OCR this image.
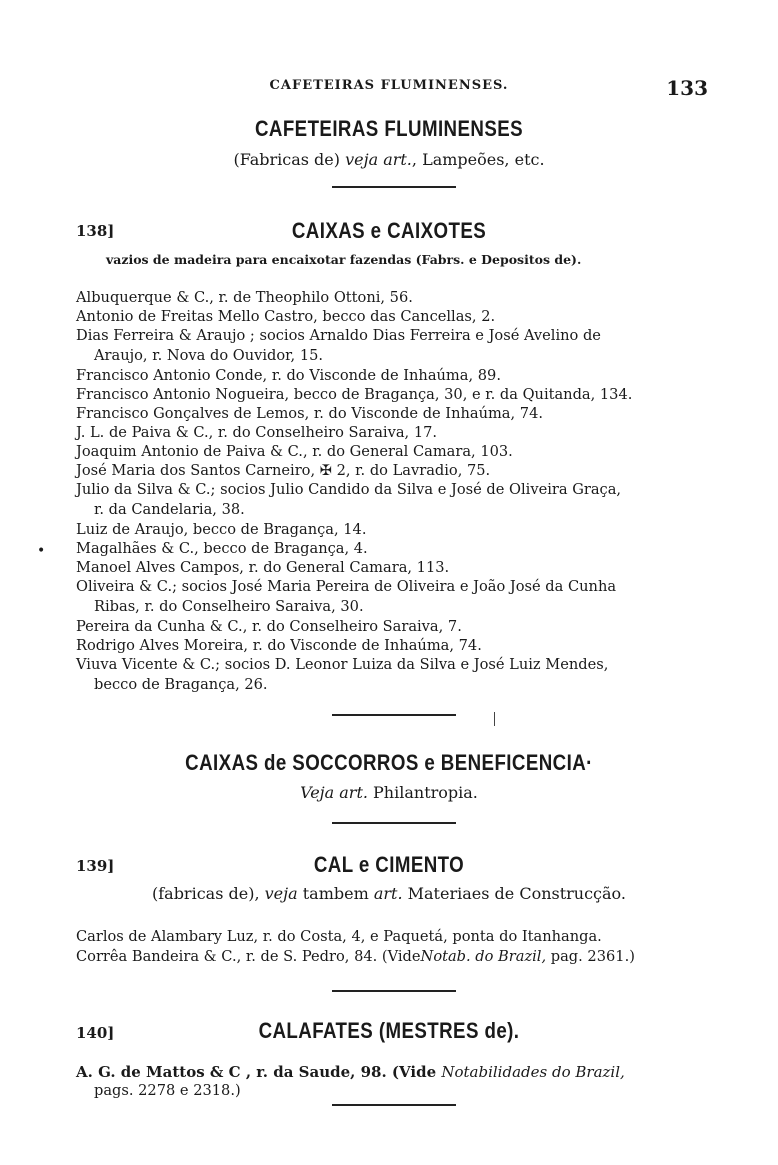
CAFETEIRAS FLUMINENSES.	133
CAFETEIRAS FLUMINENSES
(Fabricas de) veja art., Lampeões, etc.
138]	CAIXAS e CAIXOTES
vazios de madeira para encaixotar fazendas (Fabrs. e Depositos de).
Albuquerque & C., r. de Theophilo Ottoni, 56.
Antonio de Freitas Mello Castro, becco das Cancellas, 2.
Dias Ferreira & Araujo ; socios Arnaldo Dias Ferreira e José Avelino de
Araujo, r. Nova do Ouvidor, 15.
Francisco Antonio Conde, r. do Visconde de Inhaúma, 89.
Francisco Antonio Nogueira, becco de Bragança, 30, e r. da Quitanda, 134.
Francisco Gonçalves de Lemos, r. do Visconde de Inhaúma, 74.
J. L. de Paiva & C., r. do Conselheiro Saraiva, 17.
Joaquim Antonio de Paiva & C., r. do General Camara, 103.
José Maria dos Santos Carneiro, ✠ 2, r. do Lavradio, 75.
Julio da Silva & C.; socios Julio Candido da Silva e José de Oliveira Graça,
r. da Candelaria, 38.
Luiz de Araujo, becco de Bragança, 14.
• Magalhães & C., becco de Bragança, 4.
Manoel Alves Campos, r. do General Camara, 113.
Oliveira & C.; socios José Maria Pereira de Oliveira e João José da Cunha
Ribas, r. do Conselheiro Saraiva, 30.
Pereira da Cunha & C., r. do Conselheiro Saraiva, 7.
Rodrigo Alves Moreira, r. do Visconde de Inhaúma, 74.
Viuva Vicente & C.; socios D. Leonor Luiza da Silva e José Luiz Mendes,
becco de Bragança, 26.
CAIXAS de SOCCORROS e BENEFICENCIA·
Veja art. Philantropia.
139]	CAL e CIMENTO
(fabricas de), veja tambem art. Materiaes de Construcção.
Carlos de Alambary Luz, r. do Costa, 4, e Paquetá, ponta do Itanhanga.
Corrêa Bandeira & C., r. de S. Pedro, 84. (VideNotab. do Brazil, pag. 2361.)
140]	CALAFATES (MESTRES de).
A. G. de Mattos & C , r. da Saude, 98. (Vide Notabilidades do Brazil,
pags. 2278 e 2318.)
